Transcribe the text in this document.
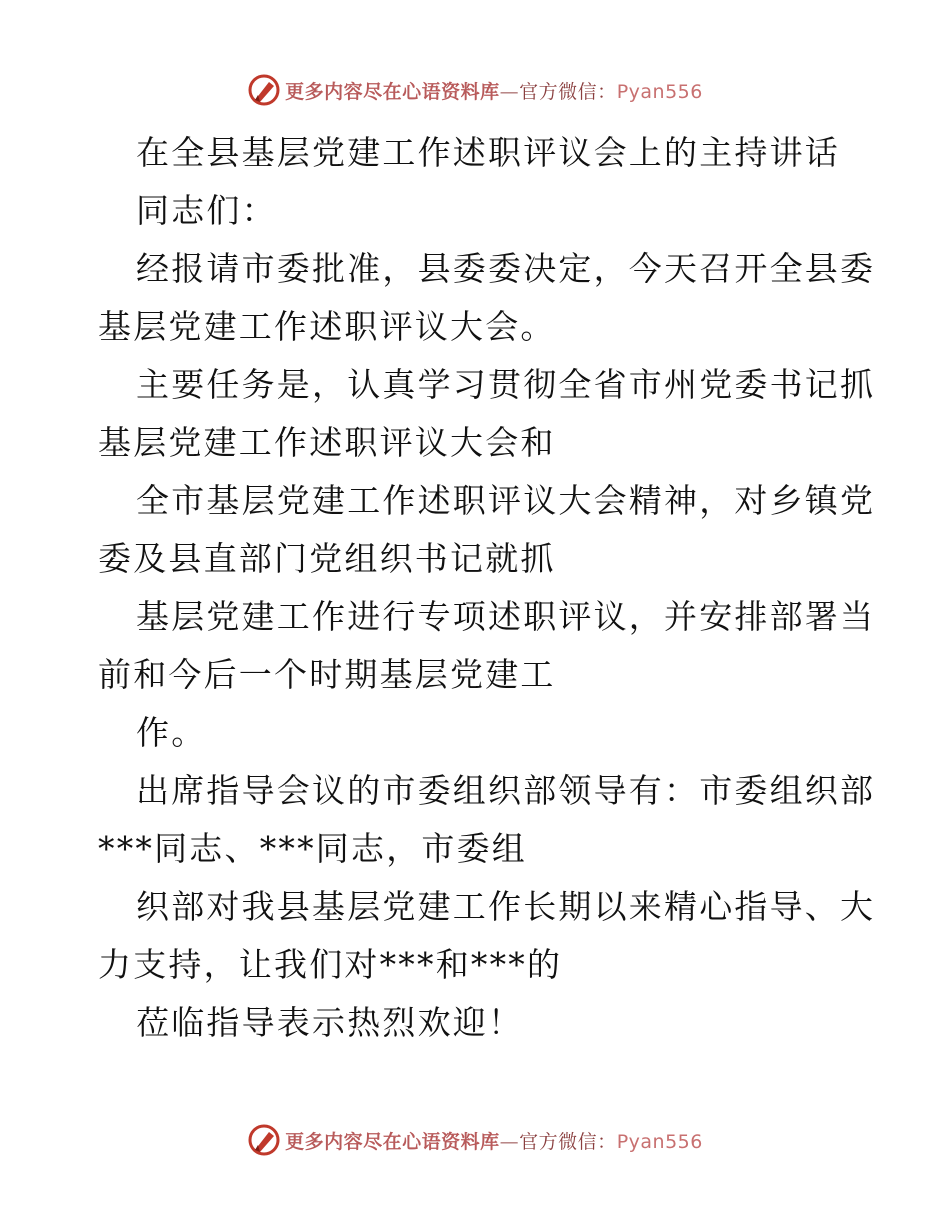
更多内容尽在心语资料库—官方微信：Pyan556

在全县基层党建工作述职评议会上的主持讲话

同志们：

经报请市委批准，县委委决定，今天召开全县委

基层党建工作述职评议大会。

主要任务是，认真学习贯彻全省市州党委书记抓

基层党建工作述职评议大会和

全市基层党建工作述职评议大会精神，对乡镇党

委及县直部门党组织书记就抓

基层党建工作进行专项述职评议，并安排部署当

前和今后一个时期基层党建工

作。

出席指导会议的市委组织部领导有：市委组织部

***同志、***同志，市委组

织部对我县基层党建工作长期以来精心指导、大

力支持，让我们对***和***的

莅临指导表示热烈欢迎！

更多内容尽在心语资料库—官方微信：Pyan556
